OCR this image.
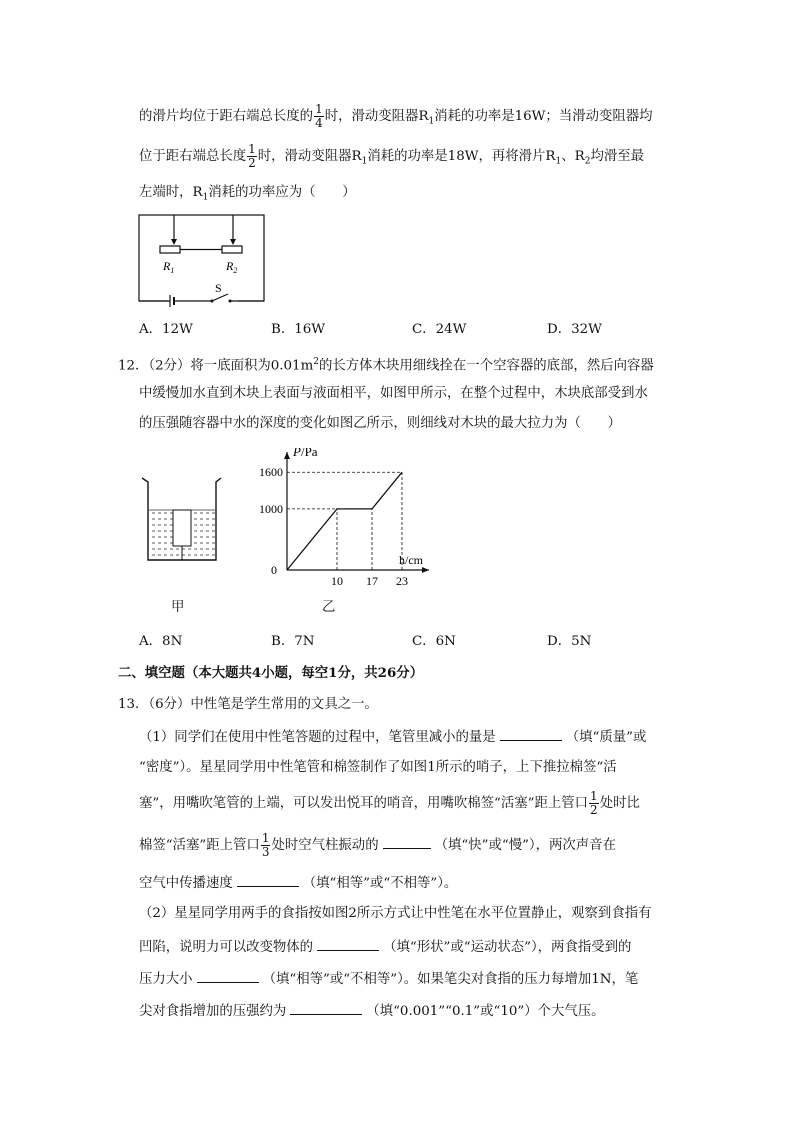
的滑片均位于距右端总长度的 $\frac{1}{4}$ 时，滑动变阻器$R_1$消耗的功率是16W；当滑动变阻器均
位于距右端总长度 $\frac{1}{2}$ 时，滑动变阻器$R_1$消耗的功率是18W，再将滑片$R_1$、$R_2$均滑至最
左端时，$R_1$消耗的功率应为（　　）
$R_1$	$R_2$
S
A．12W	B．16W	C．24W	D．32W
12．（2分）将一底面积为$0.01m^2$的长方体木块用细线拴在一个空容器的底部，然后向容器
中缓慢加水直到木块上表面与液面相平，如图甲所示，在整个过程中，木块底部受到水
的压强随容器中水的深度的变化如图乙所示，则细线对木块的最大拉力为（　　）
甲
P/Pa
h/cm
0
1000
1600
10 17 23
乙
A．8N	B．7N	C．6N	D．5N
二、填空题（本大题共4小题，每空1分，共26分）
13．（6分）中性笔是学生常用的文具之一。
（1）同学们在使用中性笔答题的过程中，笔管里减小的量是	（填“质量”或
“密度”）。星星同学用中性笔管和棉签制作了如图1所示的哨子，上下推拉棉签“活
塞”，用嘴吹笔管的上端，可以发出悦耳的哨音，用嘴吹棉签“活塞”距上管口 $\frac{1}{2}$ 处时比
棉签“活塞”距上管口 $\frac{1}{3}$ 处时空气柱振动的	（填“快”或“慢”），两次声音在
空气中传播速度	（填“相等”或“不相等”）。
（2）星星同学用两手的食指按如图2所示方式让中性笔在水平位置静止，观察到食指有
凹陷，说明力可以改变物体的	（填“形状”或“运动状态”），两食指受到的
压力大小	（填“相等”或“不相等”）。如果笔尖对食指的压力每增加1N，笔
尖对食指增加的压强约为	（填“0.001”“0.1”或“10”）个大气压。
